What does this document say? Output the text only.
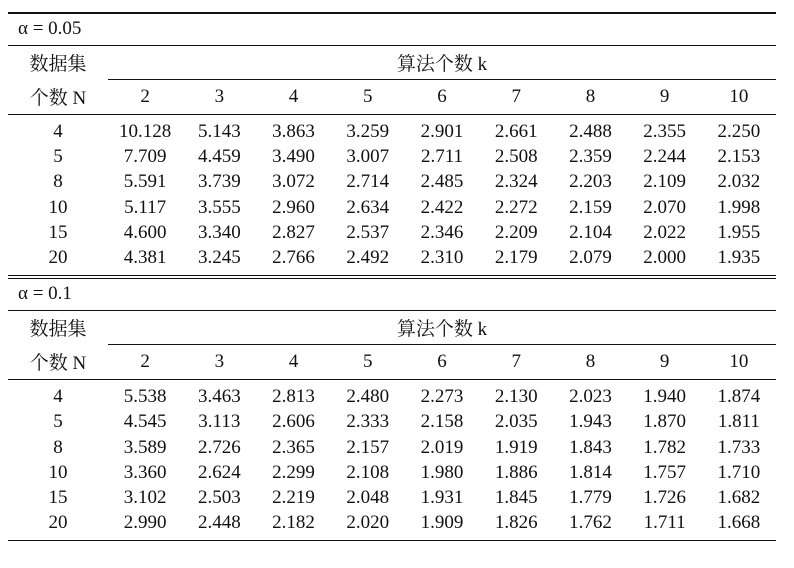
α = 0.05
数据集	算法个数 k
个数 N	2	3	4	5	6	7	8	9	10
4	10.128	5.143	3.863	3.259	2.901	2.661	2.488	2.355	2.250
5	7.709	4.459	3.490	3.007	2.711	2.508	2.359	2.244	2.153
8	5.591	3.739	3.072	2.714	2.485	2.324	2.203	2.109	2.032
10	5.117	3.555	2.960	2.634	2.422	2.272	2.159	2.070	1.998
15	4.600	3.340	2.827	2.537	2.346	2.209	2.104	2.022	1.955
20	4.381	3.245	2.766	2.492	2.310	2.179	2.079	2.000	1.935
α = 0.1
数据集	算法个数 k
个数 N	2	3	4	5	6	7	8	9	10
4	5.538	3.463	2.813	2.480	2.273	2.130	2.023	1.940	1.874
5	4.545	3.113	2.606	2.333	2.158	2.035	1.943	1.870	1.811
8	3.589	2.726	2.365	2.157	2.019	1.919	1.843	1.782	1.733
10	3.360	2.624	2.299	2.108	1.980	1.886	1.814	1.757	1.710
15	3.102	2.503	2.219	2.048	1.931	1.845	1.779	1.726	1.682
20	2.990	2.448	2.182	2.020	1.909	1.826	1.762	1.711	1.668
